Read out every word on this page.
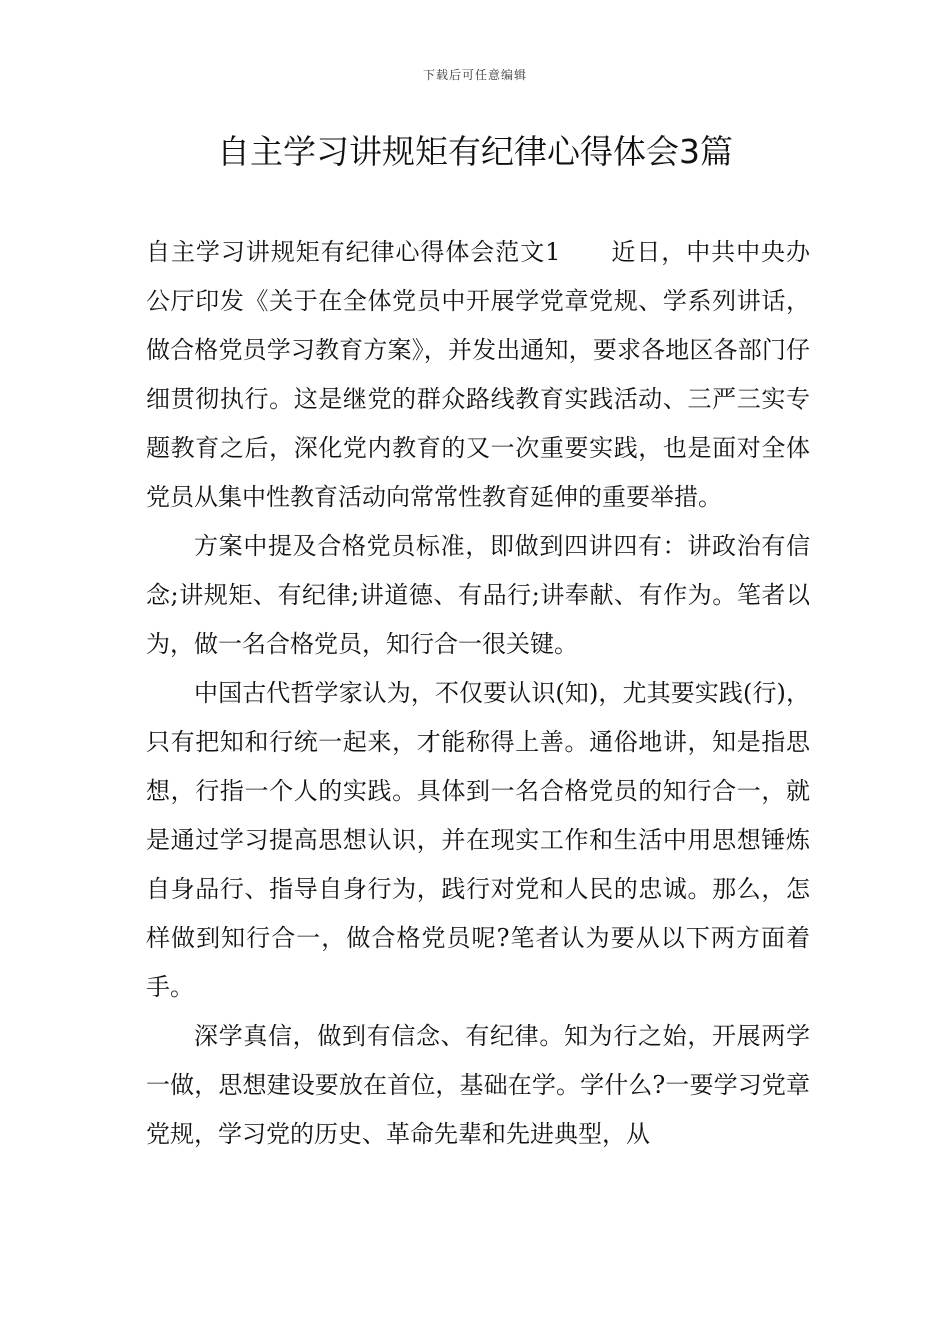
下载后可任意编辑
自主学习讲规矩有纪律心得体会3篇

自主学习讲规矩有纪律心得体会范文1 近日，中共中央办公厅印发《关于在全体党员中开展学党章党规、学系列讲话，做合格党员学习教育方案》，并发出通知，要求各地区各部门仔细贯彻执行。这是继党的群众路线教育实践活动、三严三实专题教育之后，深化党内教育的又一次重要实践，也是面对全体党员从集中性教育活动向常常性教育延伸的重要举措。

方案中提及合格党员标准，即做到四讲四有：讲政治有信念;讲规矩、有纪律;讲道德、有品行;讲奉献、有作为。笔者以为，做一名合格党员，知行合一很关键。

中国古代哲学家认为，不仅要认识(知)，尤其要实践(行)，只有把知和行统一起来，才能称得上善。通俗地讲，知是指思想，行指一个人的实践。具体到一名合格党员的知行合一，就是通过学习提高思想认识，并在现实工作和生活中用思想锤炼自身品行、指导自身行为，践行对党和人民的忠诚。那么，怎样做到知行合一，做合格党员呢?笔者认为要从以下两方面着手。

深学真信，做到有信念、有纪律。知为行之始，开展两学一做，思想建设要放在首位，基础在学。学什么?一要学习党章党规，学习党的历史、革命先辈和先进典型，从
